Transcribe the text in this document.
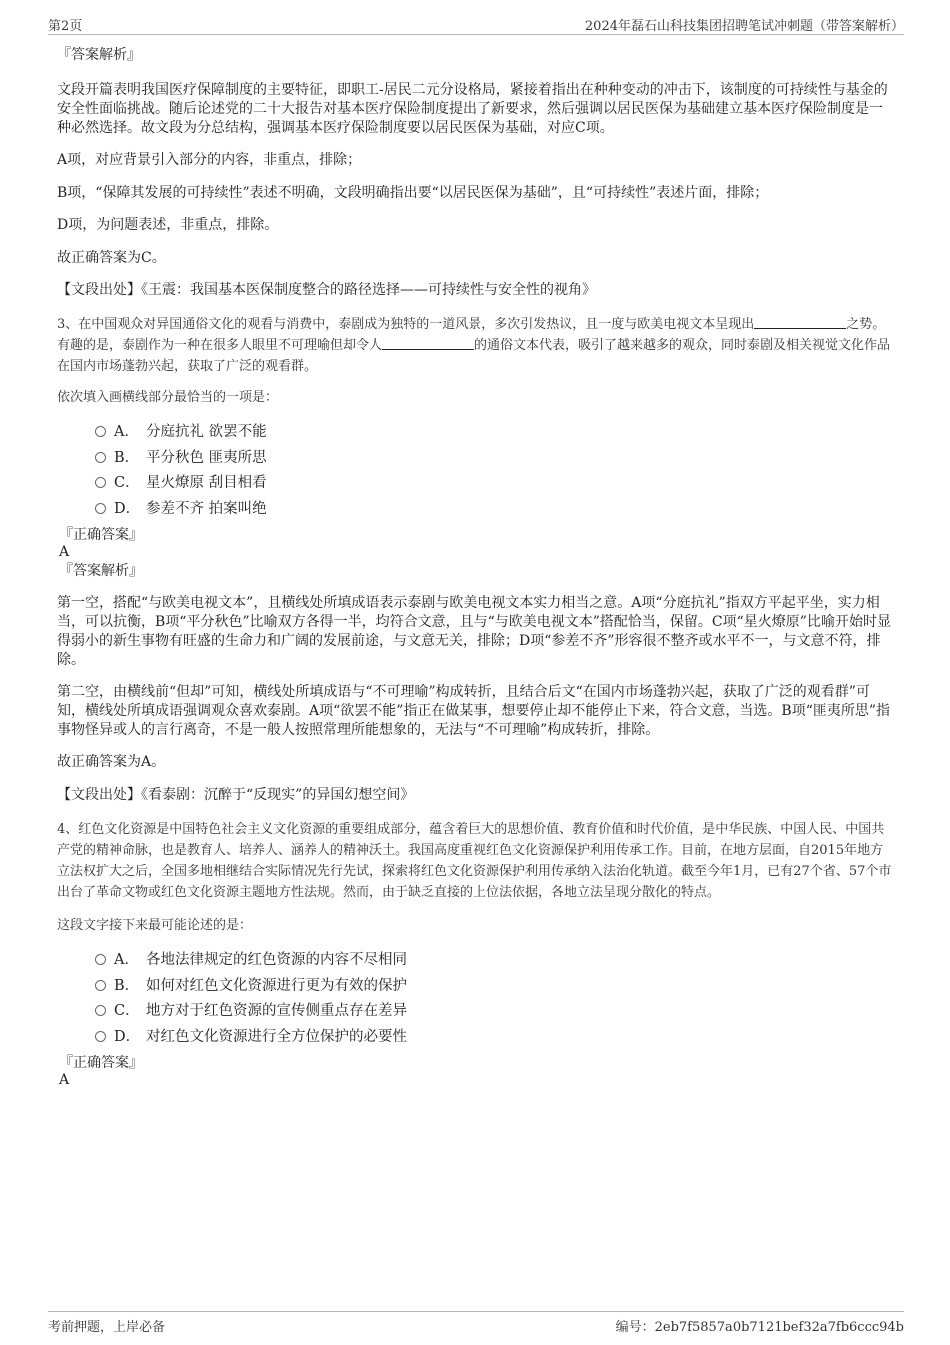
第2页	2024年磊石山科技集团招聘笔试冲刺题（带答案解析）

『答案解析』

文段开篇表明我国医疗保障制度的主要特征，即职工-居民二元分设格局，紧接着指出在种种变动的冲击下，该制度的可持续性与基金的安全性面临挑战。随后论述党的二十大报告对基本医疗保险制度提出了新要求，然后强调以居民医保为基础建立基本医疗保险制度是一种必然选择。故文段为分总结构，强调基本医疗保险制度要以居民医保为基础，对应C项。

A项，对应背景引入部分的内容，非重点，排除；

B项，“保障其发展的可持续性”表述不明确，文段明确指出要“以居民医保为基础”，且“可持续性”表述片面，排除；

D项，为问题表述，非重点，排除。

故正确答案为C。

【文段出处】《王震：我国基本医保制度整合的路径选择——可持续性与安全性的视角》

3、在中国观众对异国通俗文化的观看与消费中，泰剧成为独特的一道风景，多次引发热议，且一度与欧美电视文本呈现出	之势。有趣的是，泰剧作为一种在很多人眼里不可理喻但却令人	的通俗文本代表，吸引了越来越多的观众，同时泰剧及相关视觉文化作品在国内市场蓬勃兴起，获取了广泛的观看群。

依次填入画横线部分最恰当的一项是：

A． 分庭抗礼 欲罢不能
B． 平分秋色 匪夷所思
C． 星火燎原 刮目相看
D． 参差不齐 拍案叫绝

『正确答案』

A

『答案解析』

第一空，搭配“与欧美电视文本”，且横线处所填成语表示泰剧与欧美电视文本实力相当之意。A项“分庭抗礼”指双方平起平坐，实力相当，可以抗衡，B项“平分秋色”比喻双方各得一半，均符合文意，且与“与欧美电视文本”搭配恰当，保留。C项“星火燎原”比喻开始时显得弱小的新生事物有旺盛的生命力和广阔的发展前途，与文意无关，排除；D项“参差不齐”形容很不整齐或水平不一，与文意不符，排除。

第二空，由横线前“但却”可知，横线处所填成语与“不可理喻”构成转折，且结合后文“在国内市场蓬勃兴起，获取了广泛的观看群”可知，横线处所填成语强调观众喜欢泰剧。A项“欲罢不能”指正在做某事，想要停止却不能停止下来，符合文意，当选。B项“匪夷所思”指事物怪异或人的言行离奇，不是一般人按照常理所能想象的，无法与“不可理喻”构成转折，排除。

故正确答案为A。

【文段出处】《看泰剧：沉醉于“反现实”的异国幻想空间》

4、红色文化资源是中国特色社会主义文化资源的重要组成部分，蕴含着巨大的思想价值、教育价值和时代价值，是中华民族、中国人民、中国共产党的精神命脉，也是教育人、培养人、涵养人的精神沃土。我国高度重视红色文化资源保护利用传承工作。目前，在地方层面，自2015年地方立法权扩大之后，全国多地相继结合实际情况先行先试，探索将红色文化资源保护利用传承纳入法治化轨道。截至今年1月，已有27个省、57个市出台了革命文物或红色文化资源主题地方性法规。然而，由于缺乏直接的上位法依据，各地立法呈现分散化的特点。

这段文字接下来最可能论述的是：

A． 各地法律规定的红色资源的内容不尽相同
B． 如何对红色文化资源进行更为有效的保护
C． 地方对于红色资源的宣传侧重点存在差异
D． 对红色文化资源进行全方位保护的必要性

『正确答案』

A

考前押题，上岸必备	编号：2eb7f5857a0b7121bef32a7fb6ccc94b
